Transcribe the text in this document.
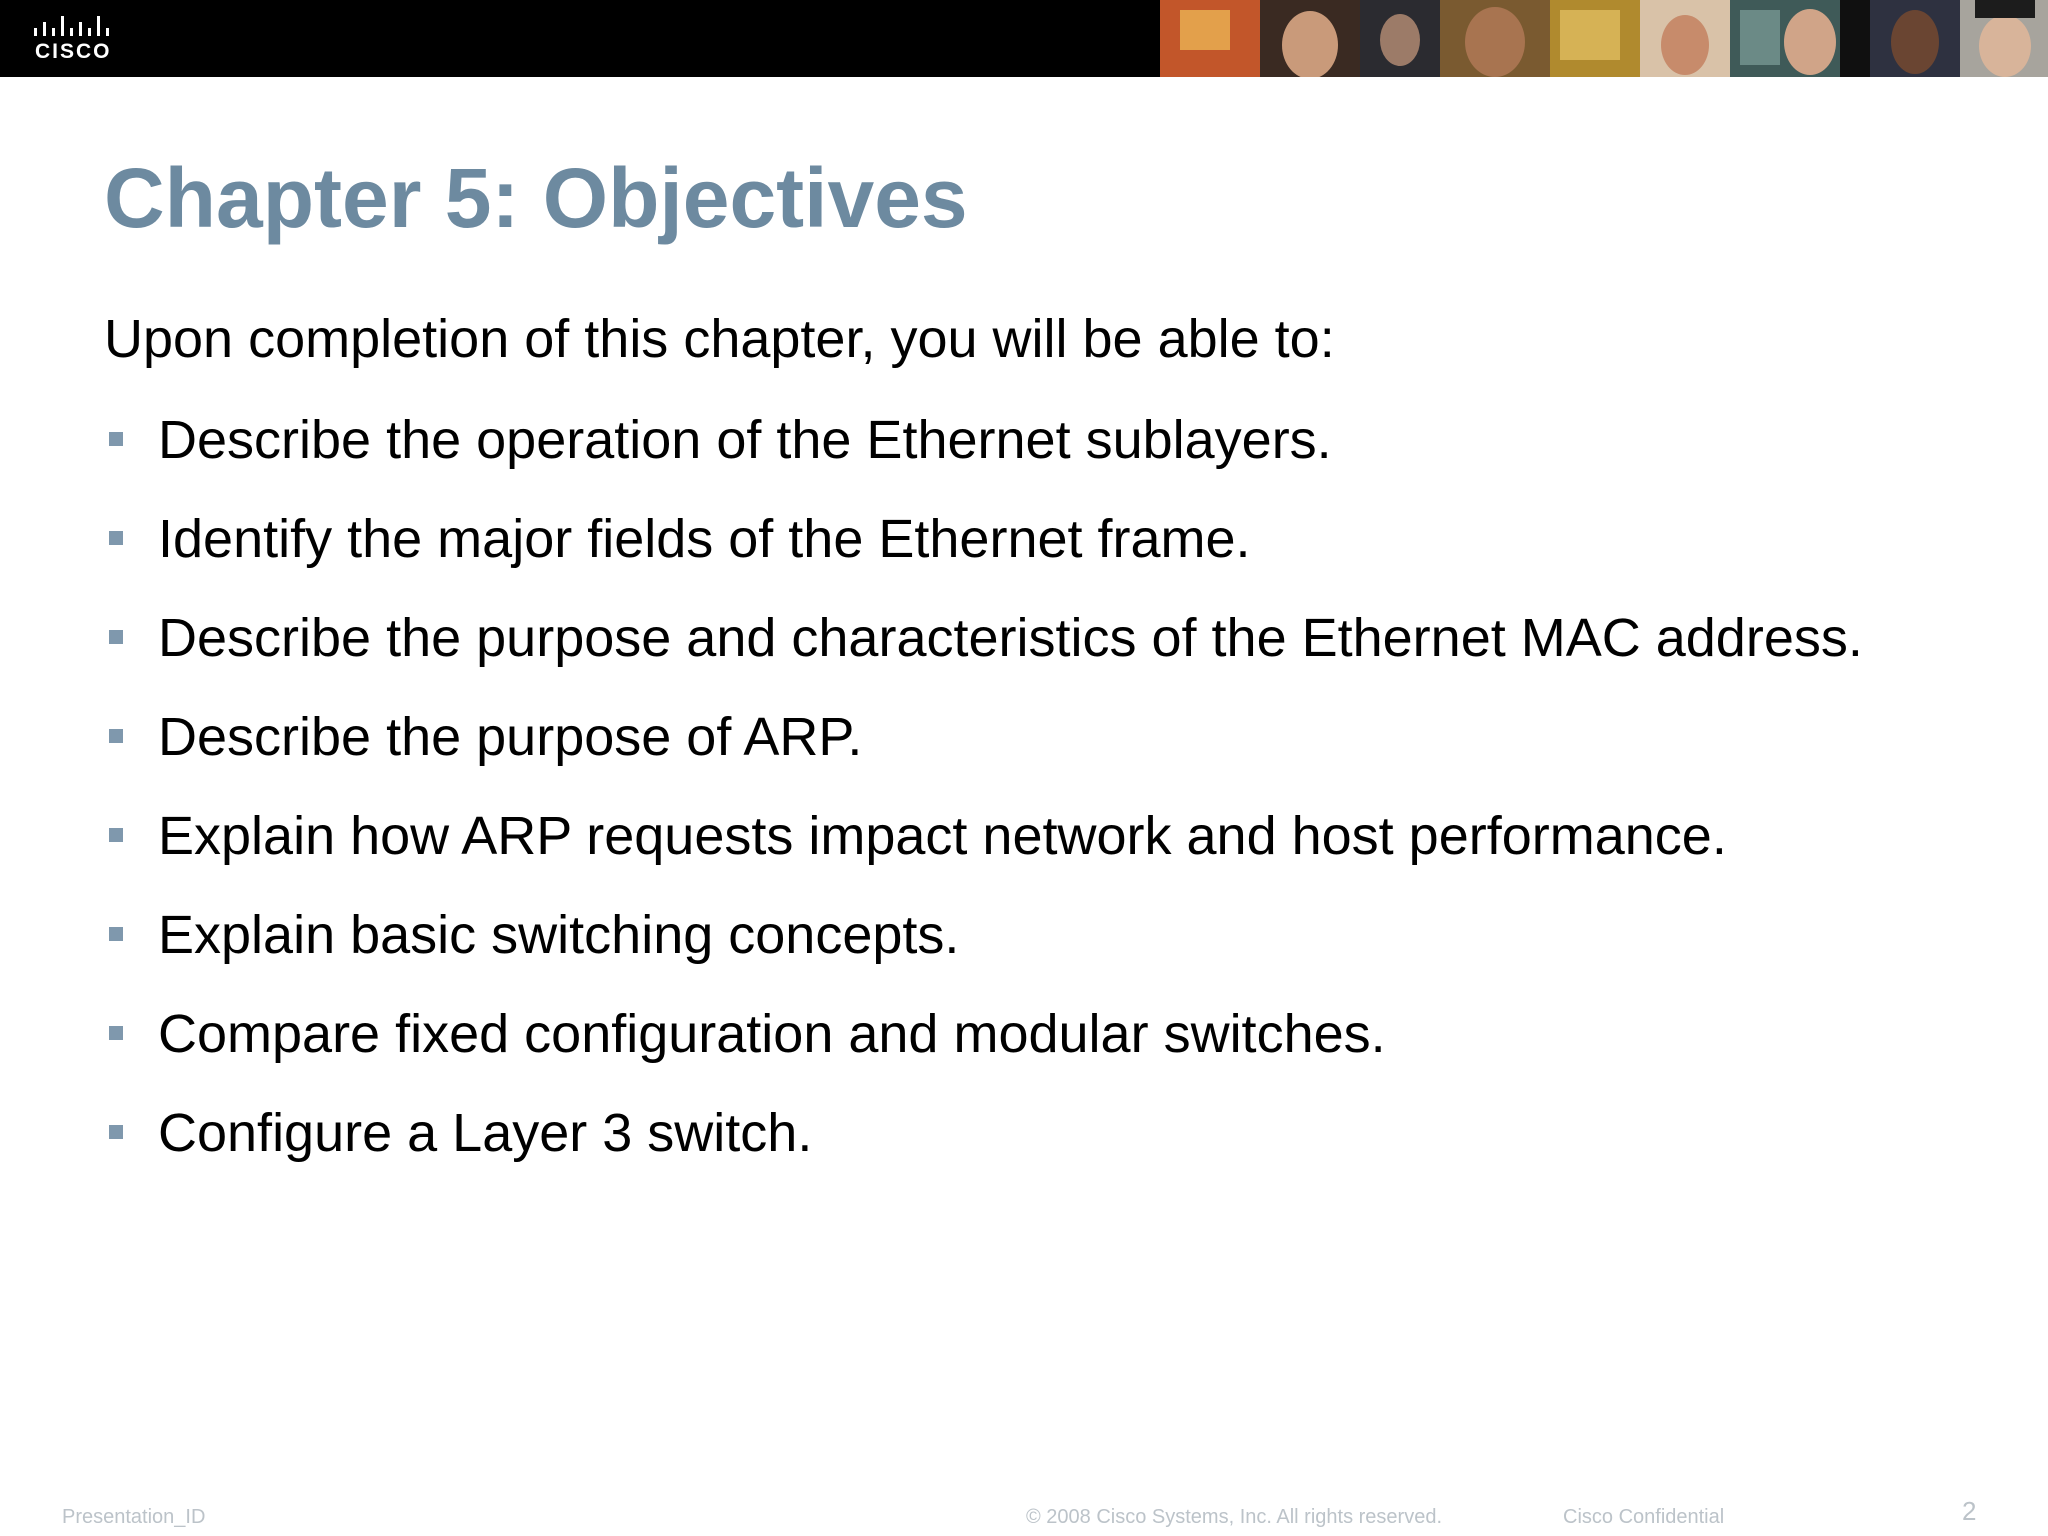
CISCO
Chapter 5: Objectives

Upon completion of this chapter, you will be able to:

Describe the operation of the Ethernet sublayers.
Identify the major fields of the Ethernet frame.
Describe the purpose and characteristics of the Ethernet MAC address.
Describe the purpose of ARP.
Explain how ARP requests impact network and host performance.
Explain basic switching concepts.
Compare fixed configuration and modular switches.
Configure a Layer 3 switch.
Presentation_ID	© 2008 Cisco Systems, Inc. All rights reserved.	Cisco Confidential	2
